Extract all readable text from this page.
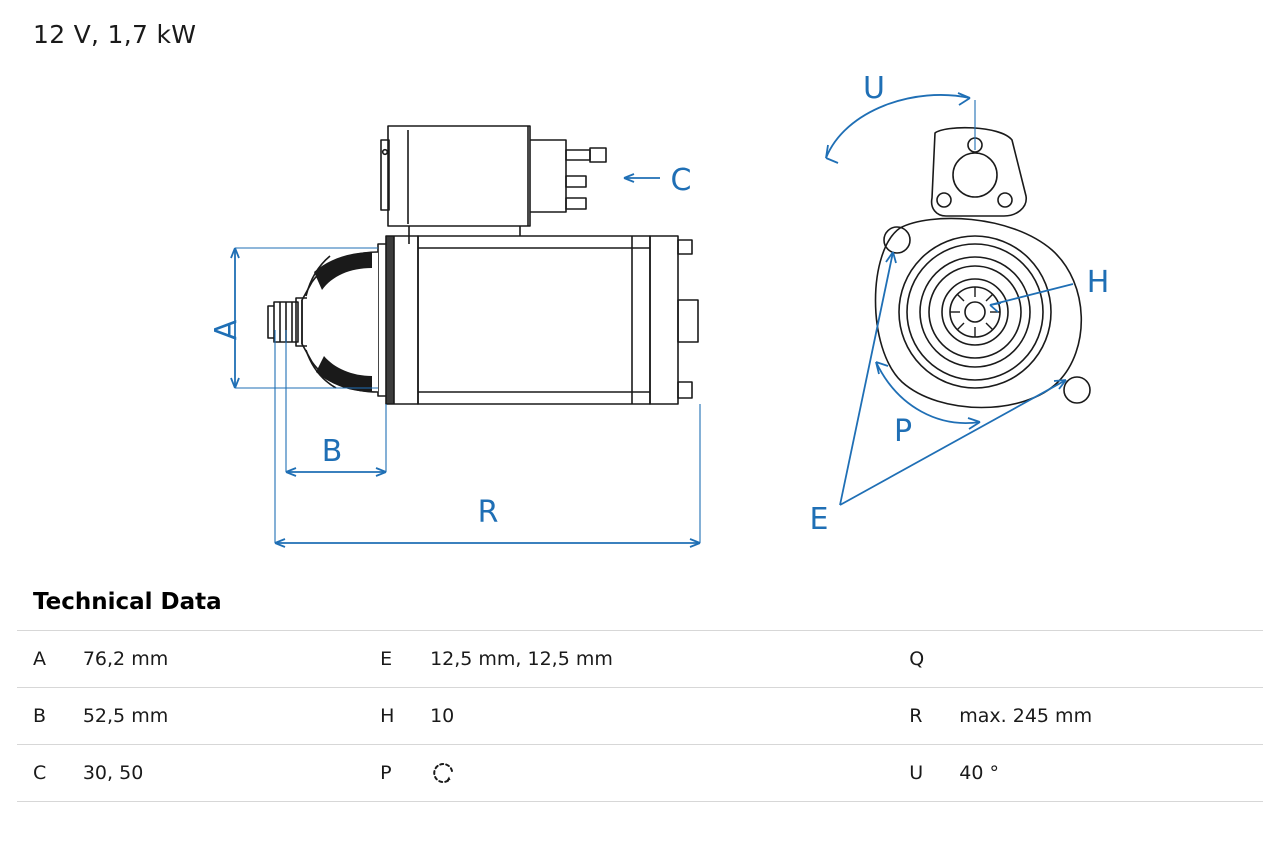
12 V, 1,7 kW
A
B
R
C
U
H
P
E
Technical Data
A	76,2 mm	E	12,5 mm, 12,5 mm	Q	
B	52,5 mm	H	10	R	max. 245 mm
C	30, 50	P		U	40 °
